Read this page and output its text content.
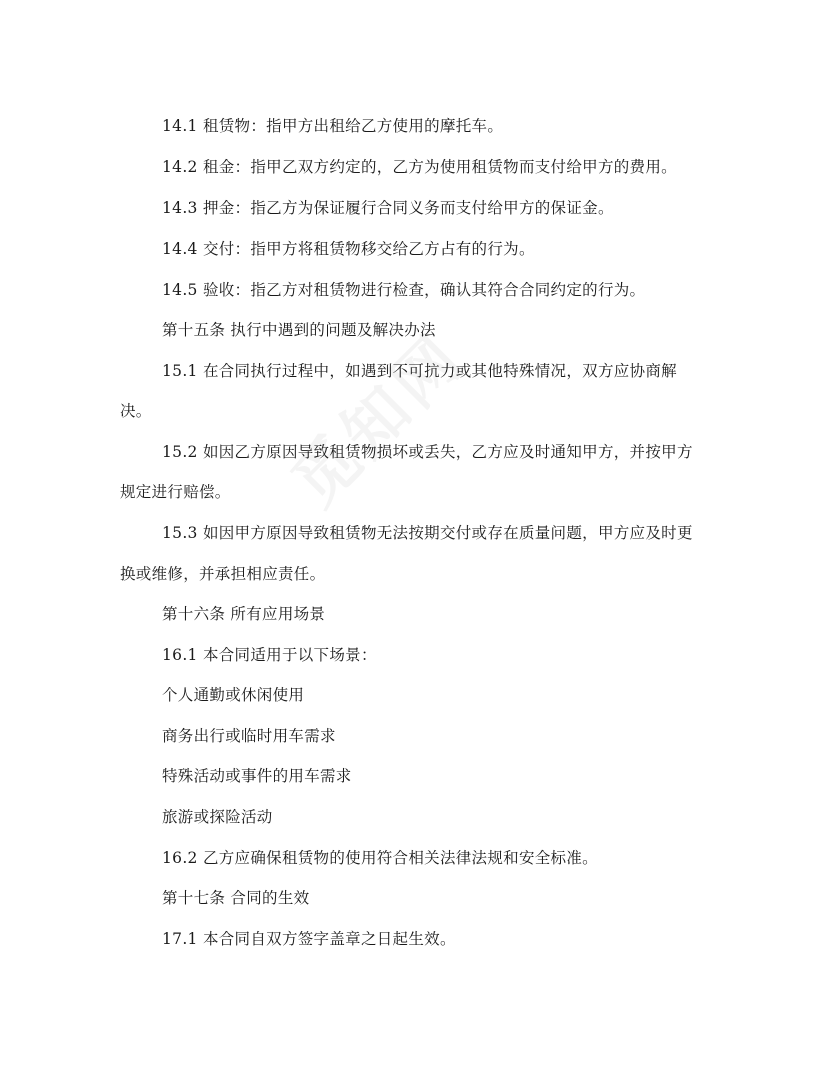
14.1 租赁物：指甲方出租给乙方使用的摩托车。
14.2 租金：指甲乙双方约定的，乙方为使用租赁物而支付给甲方的费用。
14.3 押金：指乙方为保证履行合同义务而支付给甲方的保证金。
14.4 交付：指甲方将租赁物移交给乙方占有的行为。
14.5 验收：指乙方对租赁物进行检查，确认其符合合同约定的行为。
第十五条 执行中遇到的问题及解决办法
15.1 在合同执行过程中，如遇到不可抗力或其他特殊情况，双方应协商解
决。
15.2 如因乙方原因导致租赁物损坏或丢失，乙方应及时通知甲方，并按甲方
规定进行赔偿。
15.3 如因甲方原因导致租赁物无法按期交付或存在质量问题，甲方应及时更
换或维修，并承担相应责任。
第十六条 所有应用场景
16.1 本合同适用于以下场景：
个人通勤或休闲使用
商务出行或临时用车需求
特殊活动或事件的用车需求
旅游或探险活动
16.2 乙方应确保租赁物的使用符合相关法律法规和安全标准。
第十七条 合同的生效
17.1 本合同自双方签字盖章之日起生效。
